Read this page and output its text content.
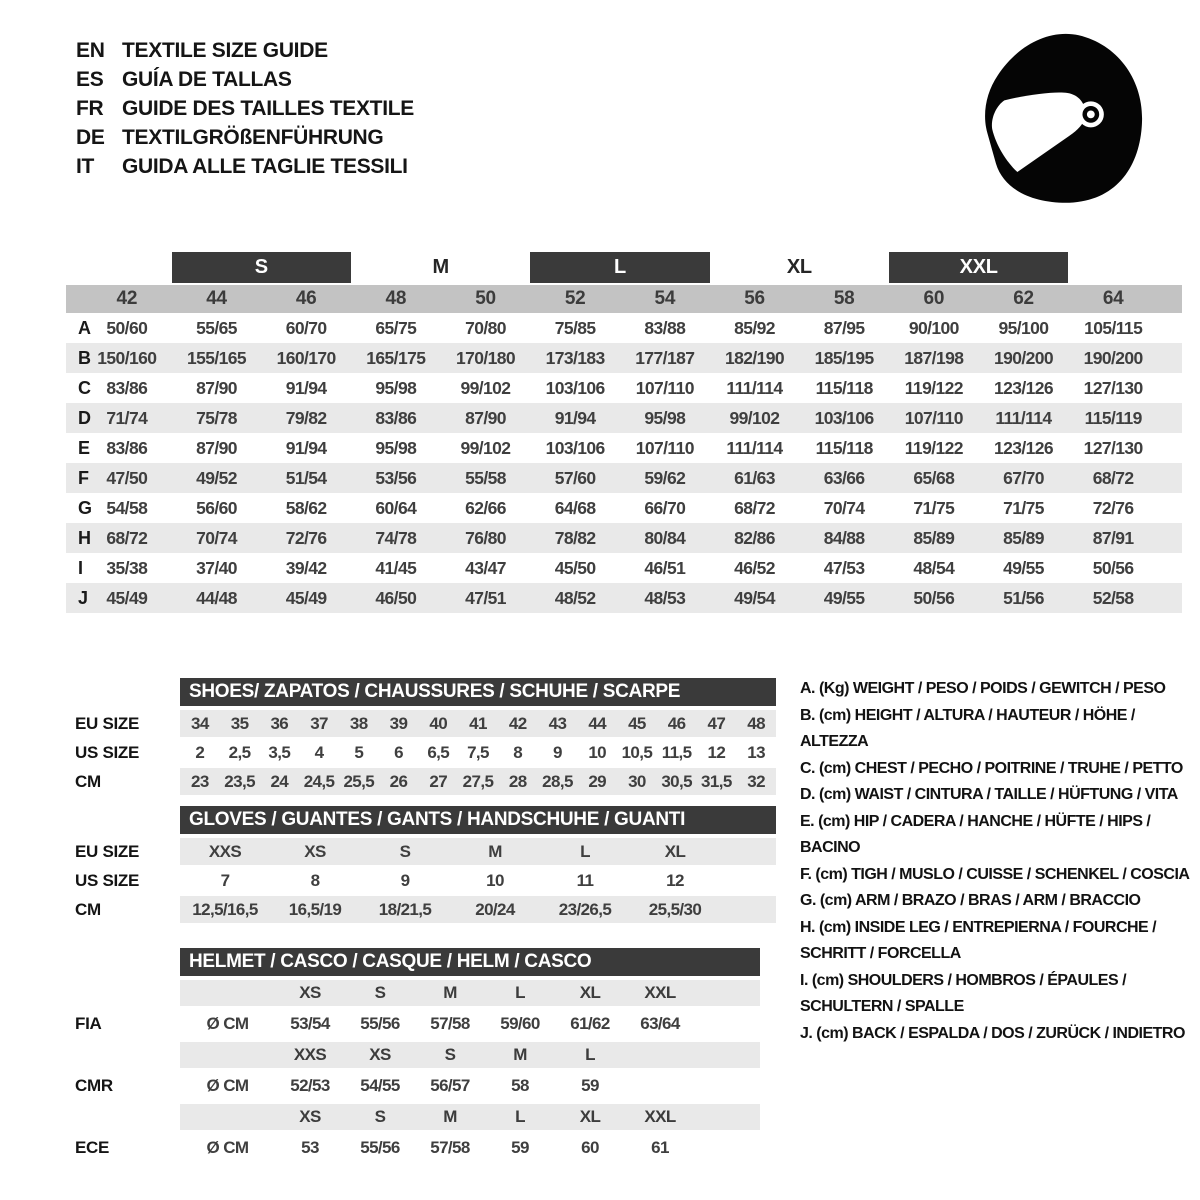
EN TEXTILE SIZE GUIDE
ES GUÍA DE TALLAS
FR GUIDE DES TAILLES TEXTILE
DE TEXTILGRÖßENFÜHRUNG
IT	GUIDA ALLE TAGLIE TESSILI
S	M	L	XL	XXL
42	44	46	48	50	52	54	56	58	60	62	64
A 50/60	55/65	60/70	65/75	70/80	75/85	83/88	85/92	87/95	90/100	95/100	105/115
B 150/160	155/165	160/170	165/175	170/180	173/183	177/187	182/190	185/195	187/198	190/200	190/200
C 83/86	87/90	91/94	95/98	99/102	103/106	107/110	111/114	115/118	119/122	123/126	127/130
D 71/74	75/78	79/82	83/86	87/90	91/94	95/98	99/102	103/106	107/110	111/114	115/119
E 83/86	87/90	91/94	95/98	99/102	103/106	107/110	111/114	115/118	119/122	123/126	127/130
F	47/50	49/52	51/54	53/56	55/58	57/60	59/62	61/63	63/66	65/68	67/70	68/72
G 54/58	56/60	58/62	60/64	62/66	64/68	66/70	68/72	70/74	71/75	71/75	72/76
H 68/72	70/74	72/76	74/78	76/80	78/82	80/84	82/86	84/88	85/89	85/89	87/91
I	35/38	37/40	39/42	41/45	43/47	45/50	46/51	46/52	47/53	48/54	49/55	50/56
J	45/49	44/48	45/49	46/50	47/51	48/52	48/53	49/54	49/55	50/56	51/56	52/58
SHOES/ ZAPATOS / CHAUSSURES / SCHUHE / SCARPE
EU SIZE	34	35	36	37	38	39	40	41	42	43	44	45	46	47	48
US SIZE	2	2,5	3,5	4	5	6	6,5	7,5	8	9	10 10,5 11,5 12	13
CM	23 23,5 24 24,5 25,5 26	27 27,5 28 28,5 29	30 30,5 31,5 32
GLOVES / GUANTES / GANTS / HANDSCHUHE / GUANTI
EU SIZE	XXS	XS	S	M	L	XL
US SIZE	7	8	9	10	11	12
CM	12,5/16,5	16,5/19	18/21,5	20/24	23/26,5	25,5/30
HELMET / CASCO / CASQUE / HELM / CASCO
XS	S	M	L	XL	XXL
FIA	Ø CM	53/54	55/56	57/58	59/60	61/62	63/64
XXS	XS	S	M	L
CMR	Ø CM	52/53	54/55	56/57	58	59
XS	S	M	L	XL	XXL
ECE	Ø CM	53	55/56	57/58	59	60	61
A. (Kg) WEIGHT / PESO / POIDS / GEWITCH / PESO
B. (cm) HEIGHT / ALTURA / HAUTEUR / HÖHE / ALTEZZA
C. (cm) CHEST / PECHO / POITRINE / TRUHE / PETTO
D. (cm) WAIST / CINTURA / TAILLE / HÜFTUNG / VITA
E. (cm) HIP / CADERA / HANCHE / HÜFTE / HIPS / BACINO
F. (cm) TIGH / MUSLO / CUISSE / SCHENKEL / COSCIA
G. (cm) ARM / BRAZO / BRAS / ARM / BRACCIO
H. (cm) INSIDE LEG / ENTREPIERNA / FOURCHE / SCHRITT / FORCELLA
I. (cm) SHOULDERS / HOMBROS / ÉPAULES / SCHULTERN / SPALLE
J. (cm) BACK / ESPALDA / DOS / ZURÜCK / INDIETRO
